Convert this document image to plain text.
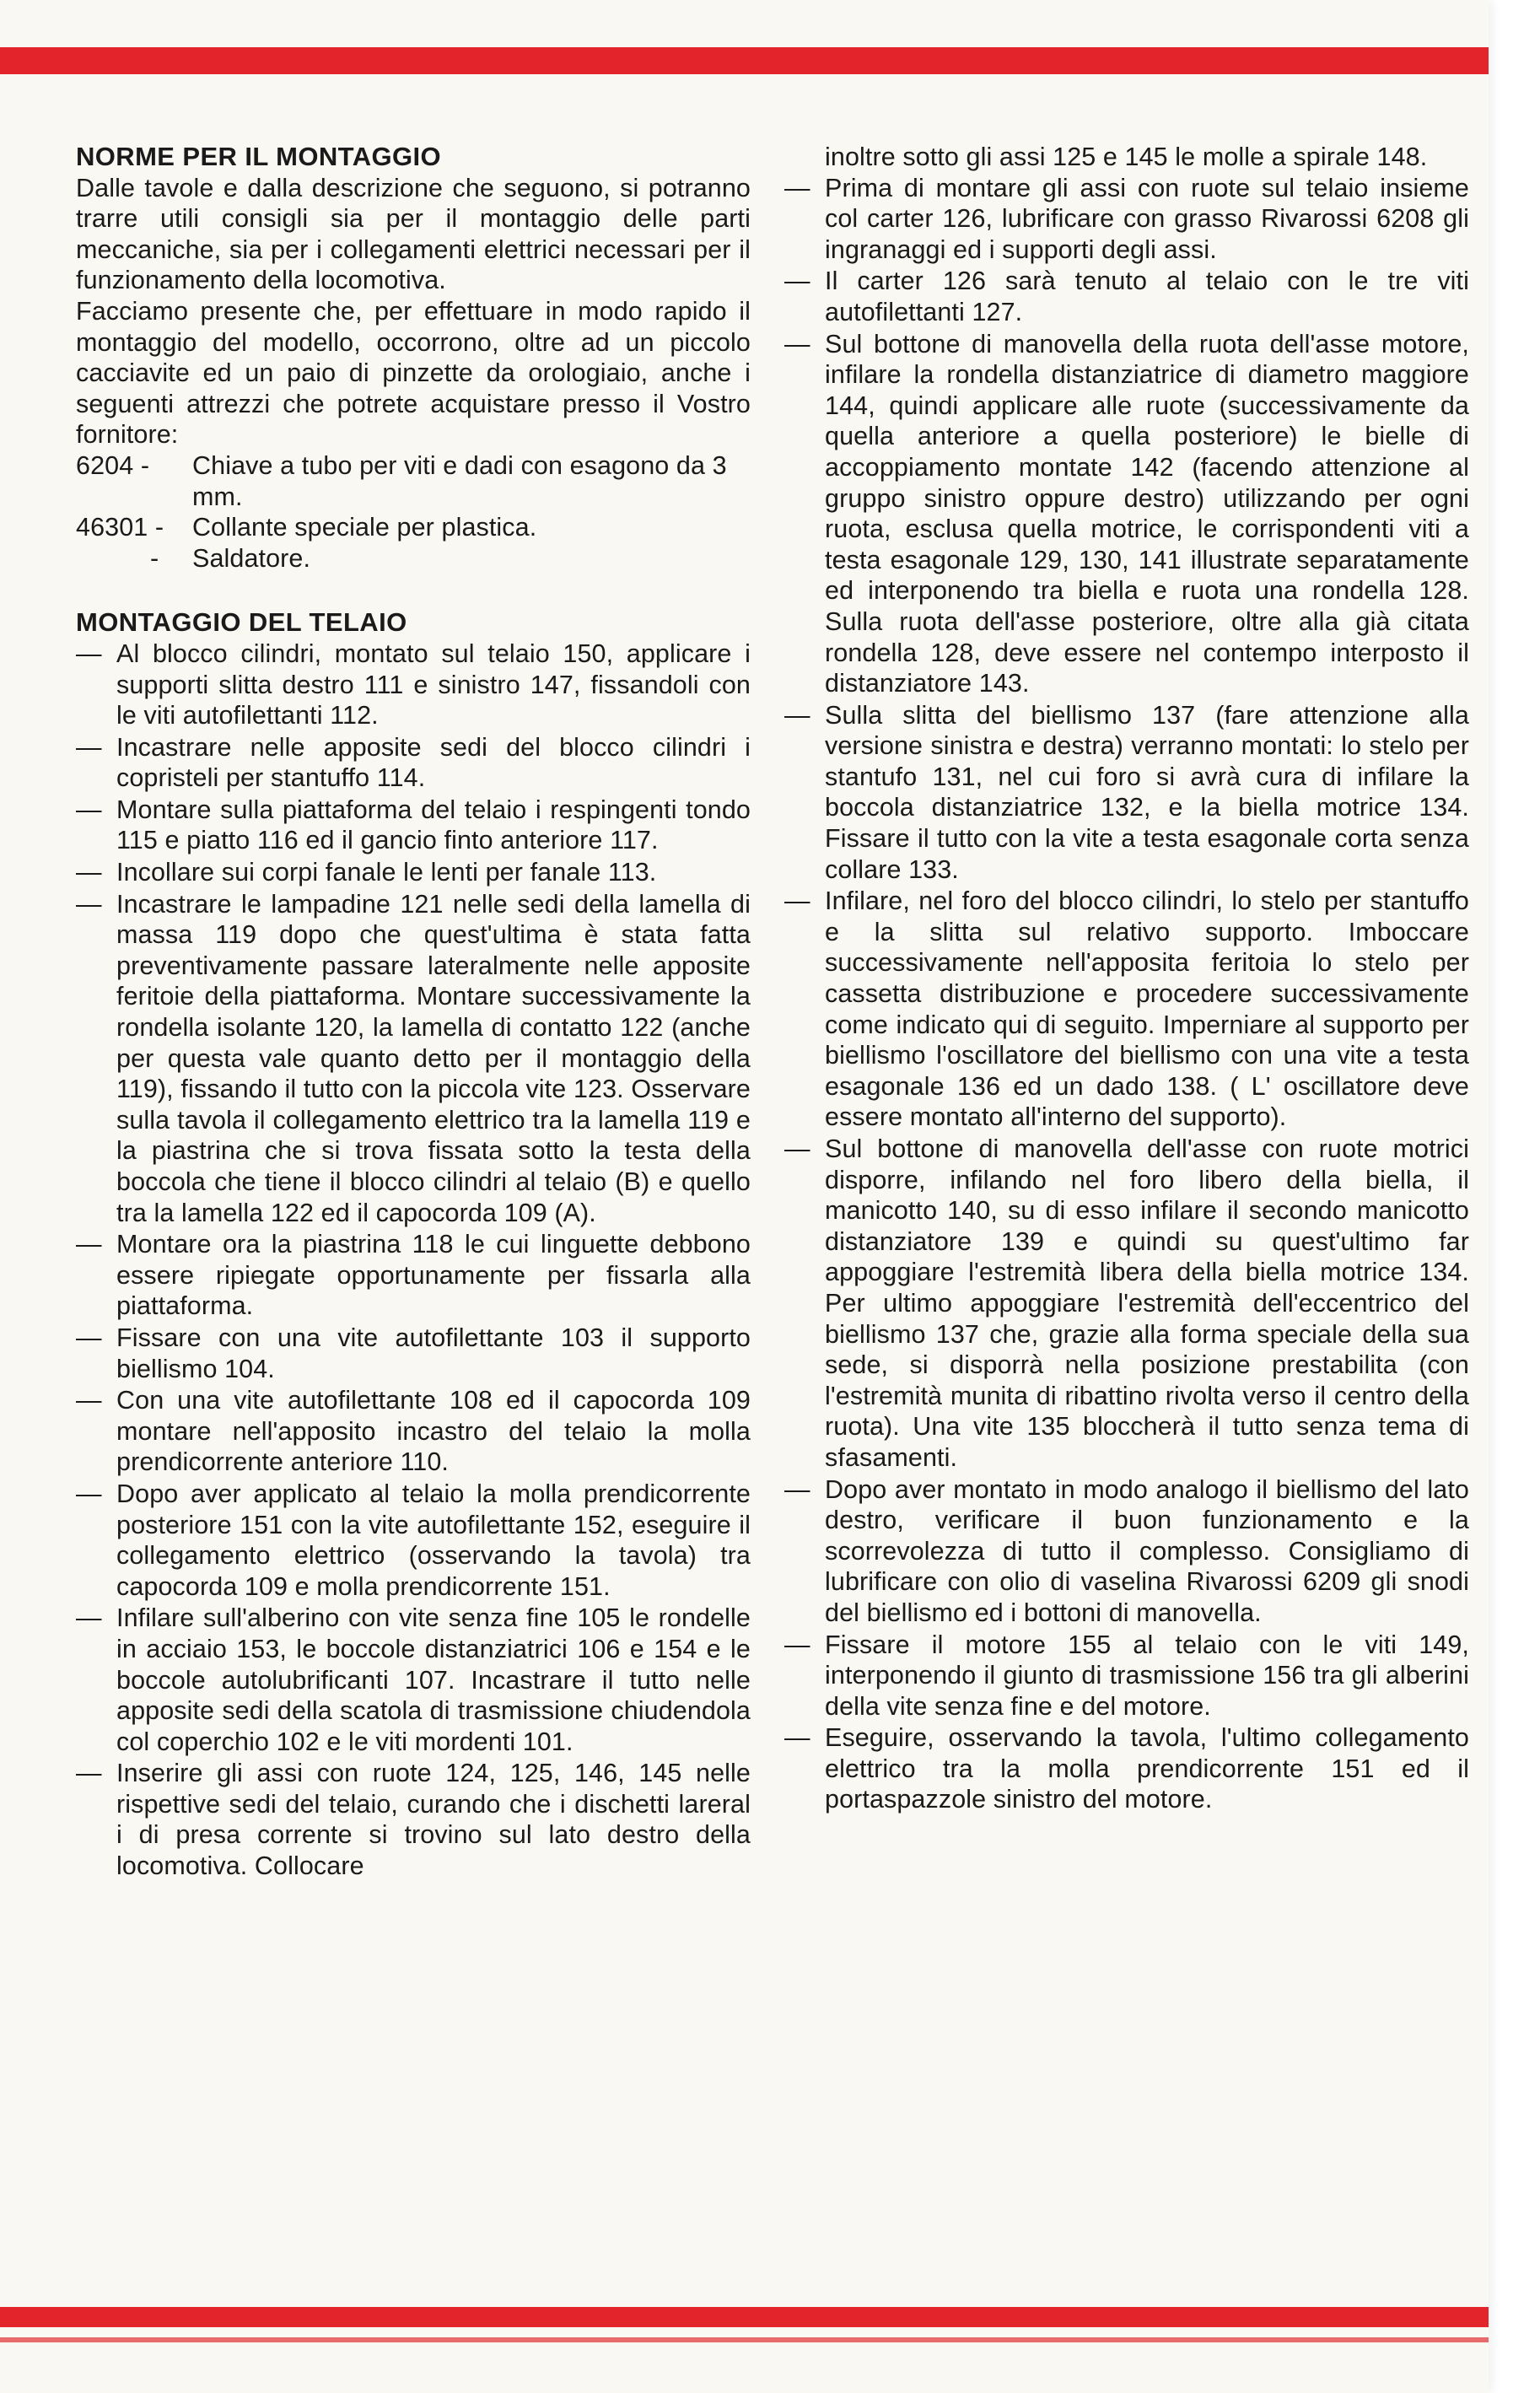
NORME PER IL MONTAGGIO

Dalle tavole e dalla descrizione che seguono, si potranno trarre utili consigli sia per il montaggio delle parti meccaniche, sia per i collegamenti elettrici necessari per il funzionamento della locomotiva.

Facciamo presente che, per effettuare in modo rapido il montaggio del modello, occorrono, oltre ad un piccolo cacciavite ed un paio di pinzette da orologiaio, anche i seguenti attrezzi che potrete acquistare presso il Vostro fornitore:

6204 - Chiave a tubo per viti e dadi con esagono da 3 mm.
46301 - Collante speciale per plastica.
- Saldatore.
MONTAGGIO DEL TELAIO
— Al blocco cilindri, montato sul telaio 150, applicare i supporti slitta destro 111 e sinistro 147, fissandoli con le viti autofilettanti 112.
— Incastrare nelle apposite sedi del blocco cilindri i copristeli per stantuffo 114.
— Montare sulla piattaforma del telaio i respingenti tondo 115 e piatto 116 ed il gancio finto anteriore 117.
— Incollare sui corpi fanale le lenti per fanale 113.
— Incastrare le lampadine 121 nelle sedi della lamella di massa 119 dopo che quest'ultima è stata fatta preventivamente passare lateralmente nelle apposite feritoie della piattaforma. Montare successivamente la rondella isolante 120, la lamella di contatto 122 (anche per questa vale quanto detto per il montaggio della 119), fissando il tutto con la piccola vite 123. Osservare sulla tavola il collegamento elettrico tra la lamella 119 e la piastrina che si trova fissata sotto la testa della boccola che tiene il blocco cilindri al telaio (B) e quello tra la lamella 122 ed il capocorda 109 (A).
— Montare ora la piastrina 118 le cui linguette debbono essere ripiegate opportunamente per fissarla alla piattaforma.
— Fissare con una vite autofilettante 103 il supporto biellismo 104.
— Con una vite autofilettante 108 ed il capocorda 109 montare nell'apposito incastro del telaio la molla prendicorrente anteriore 110.
— Dopo aver applicato al telaio la molla prendicorrente posteriore 151 con la vite autofilettante 152, eseguire il collegamento elettrico (osservando la tavola) tra capocorda 109 e molla prendicorrente 151.
— Infilare sull'alberino con vite senza fine 105 le rondelle in acciaio 153, le boccole distanziatrici 106 e 154 e le boccole autolubrificanti 107. Incastrare il tutto nelle apposite sedi della scatola di trasmissione chiudendola col coperchio 102 e le viti mordenti 101.
— Inserire gli assi con ruote 124, 125, 146, 145 nelle rispettive sedi del telaio, curando che i dischetti lareral i di presa corrente si trovino sul lato destro della locomotiva. Collocare

inoltre sotto gli assi 125 e 145 le molle a spirale 148.

— Prima di montare gli assi con ruote sul telaio insieme col carter 126, lubrificare con grasso Rivarossi 6208 gli ingranaggi ed i supporti degli assi.
— Il carter 126 sarà tenuto al telaio con le tre viti autofilettanti 127.
— Sul bottone di manovella della ruota dell'asse motore, infilare la rondella distanziatrice di diametro maggiore 144, quindi applicare alle ruote (successivamente da quella anteriore a quella posteriore) le bielle di accoppiamento montate 142 (facendo attenzione al gruppo sinistro oppure destro) utilizzando per ogni ruota, esclusa quella motrice, le corrispondenti viti a testa esagonale 129, 130, 141 illustrate separatamente ed interponendo tra biella e ruota una rondella 128. Sulla ruota dell'asse posteriore, oltre alla già citata rondella 128, deve essere nel contempo interposto il distanziatore 143.
— Sulla slitta del biellismo 137 (fare attenzione alla versione sinistra e destra) verranno montati: lo stelo per stantufo 131, nel cui foro si avrà cura di infilare la boccola distanziatrice 132, e la biella motrice 134. Fissare il tutto con la vite a testa esagonale corta senza collare 133.
— Infilare, nel foro del blocco cilindri, lo stelo per stantuffo e la slitta sul relativo supporto. Imboccare successivamente nell'apposita feritoia lo stelo per cassetta distribuzione e procedere successivamente come indicato qui di seguito. Imperniare al supporto per biellismo l'oscillatore del biellismo con una vite a testa esagonale 136 ed un dado 138. ( L' oscillatore deve essere montato all'interno del supporto).
— Sul bottone di manovella dell'asse con ruote motrici disporre, infilando nel foro libero della biella, il manicotto 140, su di esso infilare il secondo manicotto distanziatore 139 e quindi su quest'ultimo far appoggiare l'estremità libera della biella motrice 134. Per ultimo appoggiare l'estremità dell'eccentrico del biellismo 137 che, grazie alla forma speciale della sua sede, si disporrà nella posizione prestabilita (con l'estremità munita di ribattino rivolta verso il centro della ruota). Una vite 135 bloccherà il tutto senza tema di sfasamenti.
— Dopo aver montato in modo analogo il biellismo del lato destro, verificare il buon funzionamento e la scorrevolezza di tutto il complesso. Consigliamo di lubrificare con olio di vaselina Rivarossi 6209 gli snodi del biellismo ed i bottoni di manovella.
— Fissare il motore 155 al telaio con le viti 149, interponendo il giunto di trasmissione 156 tra gli alberini della vite senza fine e del motore.
— Eseguire, osservando la tavola, l'ultimo collegamento elettrico tra la molla prendicorrente 151 ed il portaspazzole sinistro del motore.
